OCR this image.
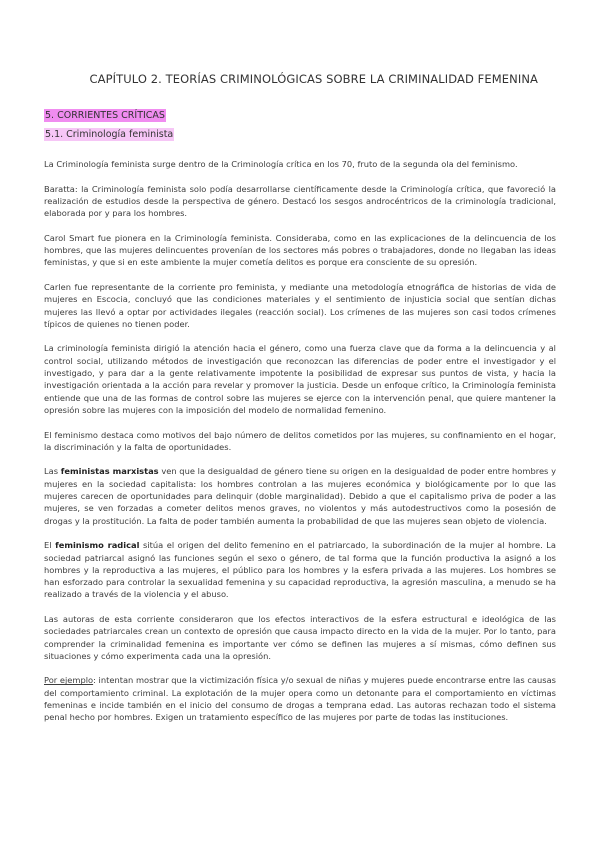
CAPÍTULO 2. TEORÍAS CRIMINOLÓGICAS SOBRE LA CRIMINALIDAD FEMENINA
5. CORRIENTES CRÍTICAS
5.1. Criminología feminista

La Criminología feminista surge dentro de la Criminología crítica en los 70, fruto de la segunda ola del feminismo.

Baratta: la Criminología feminista solo podía desarrollarse científicamente desde la Criminología crítica, que favoreció la realización de estudios desde la perspectiva de género. Destacó los sesgos androcéntricos de la criminología tradicional, elaborada por y para los hombres.

Carol Smart fue pionera en la Criminología feminista. Consideraba, como en las explicaciones de la delincuencia de los hombres, que las mujeres delincuentes provenían de los sectores más pobres o trabajadores, donde no llegaban las ideas feministas, y que si en este ambiente la mujer cometía delitos es porque era consciente de su opresión.

Carlen fue representante de la corriente pro feminista, y mediante una metodología etnográfica de historias de vida de mujeres en Escocia, concluyó que las condiciones materiales y el sentimiento de injusticia social que sentían dichas mujeres las llevó a optar por actividades ilegales (reacción social). Los crímenes de las mujeres son casi todos crímenes típicos de quienes no tienen poder.

La criminología feminista dirigió la atención hacia el género, como una fuerza clave que da forma a la delincuencia y al control social, utilizando métodos de investigación que reconozcan las diferencias de poder entre el investigador y el investigado, y para dar a la gente relativamente impotente la posibilidad de expresar sus puntos de vista, y hacia la investigación orientada a la acción para revelar y promover la justicia. Desde un enfoque crítico, la Criminología feminista entiende que una de las formas de control sobre las mujeres se ejerce con la intervención penal, que quiere mantener la opresión sobre las mujeres con la imposición del modelo de normalidad femenino.

El feminismo destaca como motivos del bajo número de delitos cometidos por las mujeres, su confinamiento en el hogar, la discriminación y la falta de oportunidades.

Las feministas marxistas ven que la desigualdad de género tiene su origen en la desigualdad de poder entre hombres y mujeres en la sociedad capitalista: los hombres controlan a las mujeres económica y biológicamente por lo que las mujeres carecen de oportunidades para delinquir (doble marginalidad). Debido a que el capitalismo priva de poder a las mujeres, se ven forzadas a cometer delitos menos graves, no violentos y más autodestructivos como la posesión de drogas y la prostitución. La falta de poder también aumenta la probabilidad de que las mujeres sean objeto de violencia.

El feminismo radical sitúa el origen del delito femenino en el patriarcado, la subordinación de la mujer al hombre. La sociedad patriarcal asignó las funciones según el sexo o género, de tal forma que la función productiva la asignó a los hombres y la reproductiva a las mujeres, el público para los hombres y la esfera privada a las mujeres. Los hombres se han esforzado para controlar la sexualidad femenina y su capacidad reproductiva, la agresión masculina, a menudo se ha realizado a través de la violencia y el abuso.

Las autoras de esta corriente consideraron que los efectos interactivos de la esfera estructural e ideológica de las sociedades patriarcales crean un contexto de opresión que causa impacto directo en la vida de la mujer. Por lo tanto, para comprender la criminalidad femenina es importante ver cómo se definen las mujeres a sí mismas, cómo definen sus situaciones y cómo experimenta cada una la opresión.

Por ejemplo: intentan mostrar que la victimización física y/o sexual de niñas y mujeres puede encontrarse entre las causas del comportamiento criminal. La explotación de la mujer opera como un detonante para el comportamiento en víctimas femeninas e incide también en el inicio del consumo de drogas a temprana edad. Las autoras rechazan todo el sistema penal hecho por hombres. Exigen un tratamiento específico de las mujeres por parte de todas las instituciones.
